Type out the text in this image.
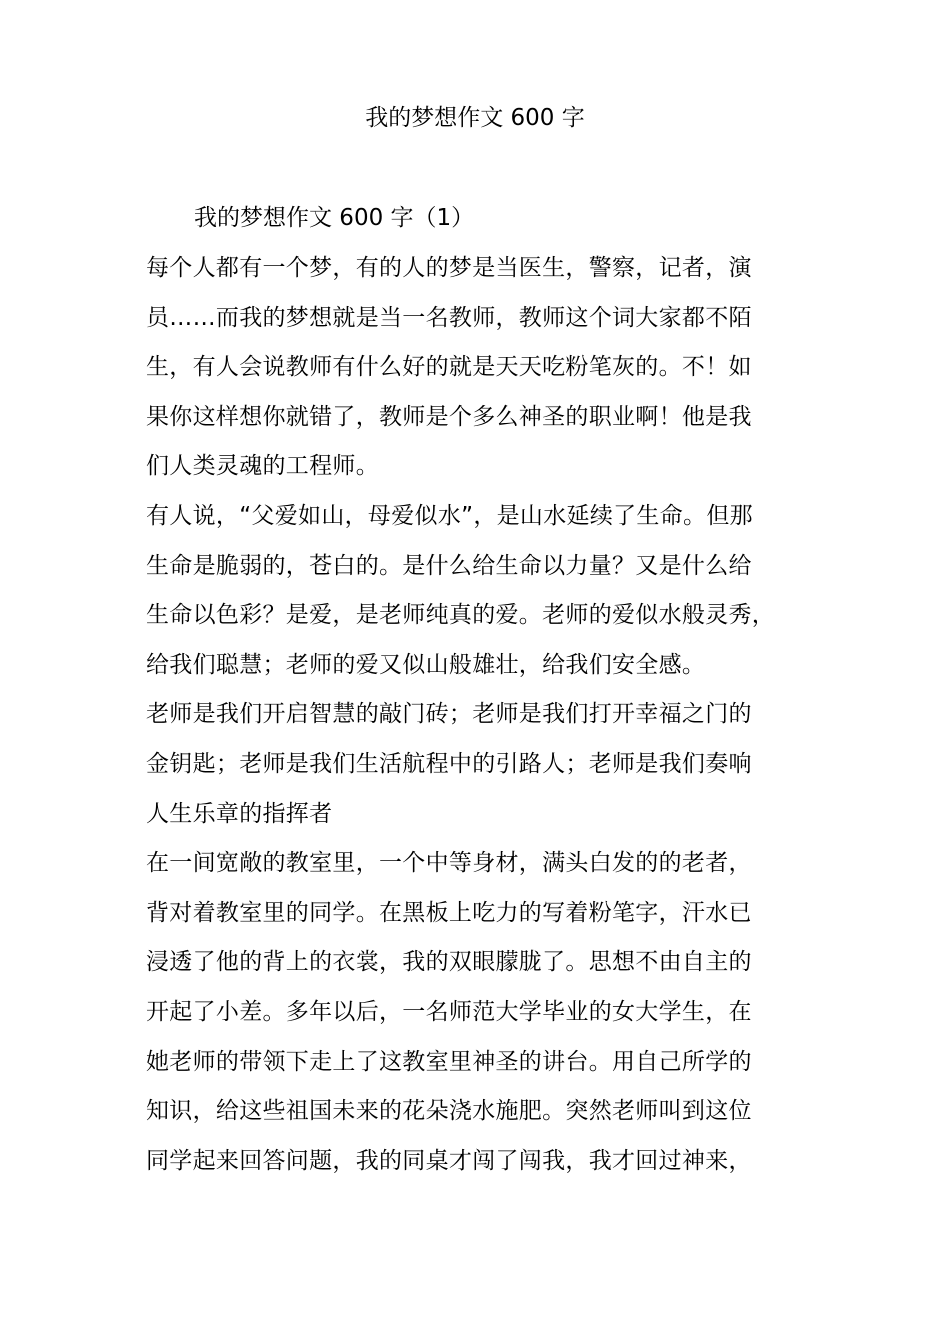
我的梦想作文 600 字
我的梦想作文 600 字（1）
每个人都有一个梦，有的人的梦是当医生，警察，记者，演
员……而我的梦想就是当一名教师，教师这个词大家都不陌
生，有人会说教师有什么好的就是天天吃粉笔灰的。不！如
果你这样想你就错了，教师是个多么神圣的职业啊！他是我
们人类灵魂的工程师。
有人说，“父爱如山，母爱似水”，是山水延续了生命。但那
生命是脆弱的，苍白的。是什么给生命以力量？又是什么给
生命以色彩？是爱，是老师纯真的爱。老师的爱似水般灵秀，
给我们聪慧；老师的爱又似山般雄壮，给我们安全感。
老师是我们开启智慧的敲门砖；老师是我们打开幸福之门的
金钥匙；老师是我们生活航程中的引路人；老师是我们奏响
人生乐章的指挥者
在一间宽敞的教室里，一个中等身材，满头白发的的老者，
背对着教室里的同学。在黑板上吃力的写着粉笔字，汗水已
浸透了他的背上的衣裳，我的双眼朦胧了。思想不由自主的
开起了小差。多年以后，一名师范大学毕业的女大学生，在
她老师的带领下走上了这教室里神圣的讲台。用自己所学的
知识，给这些祖国未来的花朵浇水施肥。突然老师叫到这位
同学起来回答问题，我的同桌才闯了闯我，我才回过神来，
